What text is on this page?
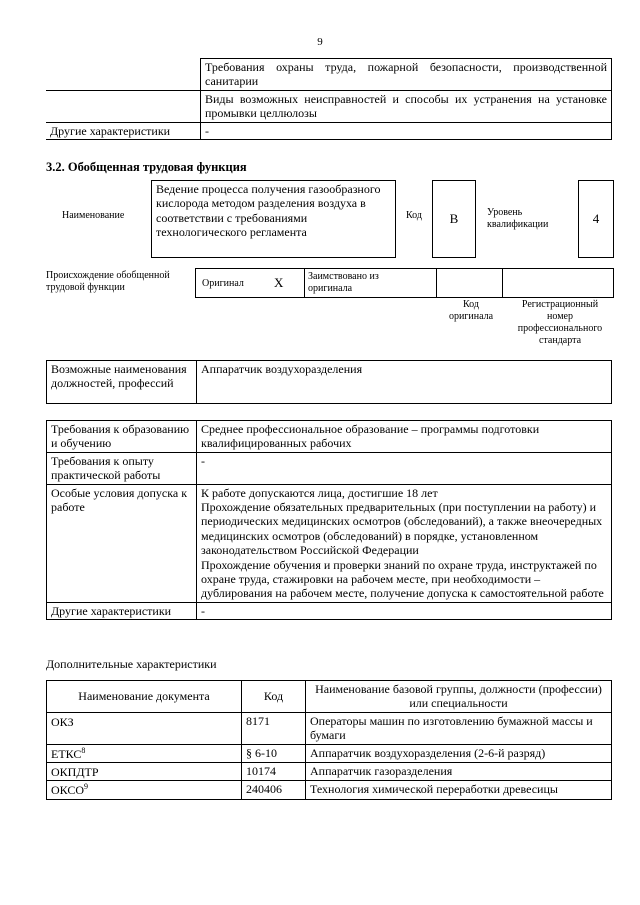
9
	Требования охраны труда, пожарной безопасности, производственной санитарии
	Виды возможных неисправностей и способы их устранения на установке промывки целлюлозы
Другие характеристики	-
3.2. Обобщенная трудовая функция
Наименование
Ведение процесса получения газообразного кислорода методом разделения воздуха в соответствии с требованиями технологического регламента
Код	B	Уровень квалификации	4
Происхождение обобщенной трудовой функции	Оригинал X Заимствовано из оригинала
Код оригинала
Регистрационный номер профессионального стандарта
Возможные наименования должностей, профессий	Аппаратчик воздухоразделения
Требования к образованию и обучению	Среднее профессиональное образование – программы подготовки квалифицированных рабочих
Требования к опыту практической работы	-
Особые условия допуска к работе	К работе допускаются лица, достигшие 18 лет
Прохождение обязательных предварительных (при поступлении на работу) и периодических медицинских осмотров (обследований), а также внеочередных медицинских осмотров (обследований) в порядке, установленном законодательством Российской Федерации
Прохождение обучения и проверки знаний по охране труда, инструктажей по охране труда, стажировки на рабочем месте, при необходимости – дублирования на рабочем месте, получение допуска к самостоятельной работе

Другие характеристики	-
Дополнительные характеристики
Наименование документа	Код	Наименование базовой группы, должности (профессии) или специальности
ОКЗ	8171	Операторы машин по изготовлению бумажной массы и бумаги
ЕТКС$^8$	§ 6-10	Аппаратчик воздухоразделения (2-6-й разряд)
ОКПДТР	10174	Аппаратчик газоразделения
ОКСО$^9$	240406	Технология химической переработки древесицы
